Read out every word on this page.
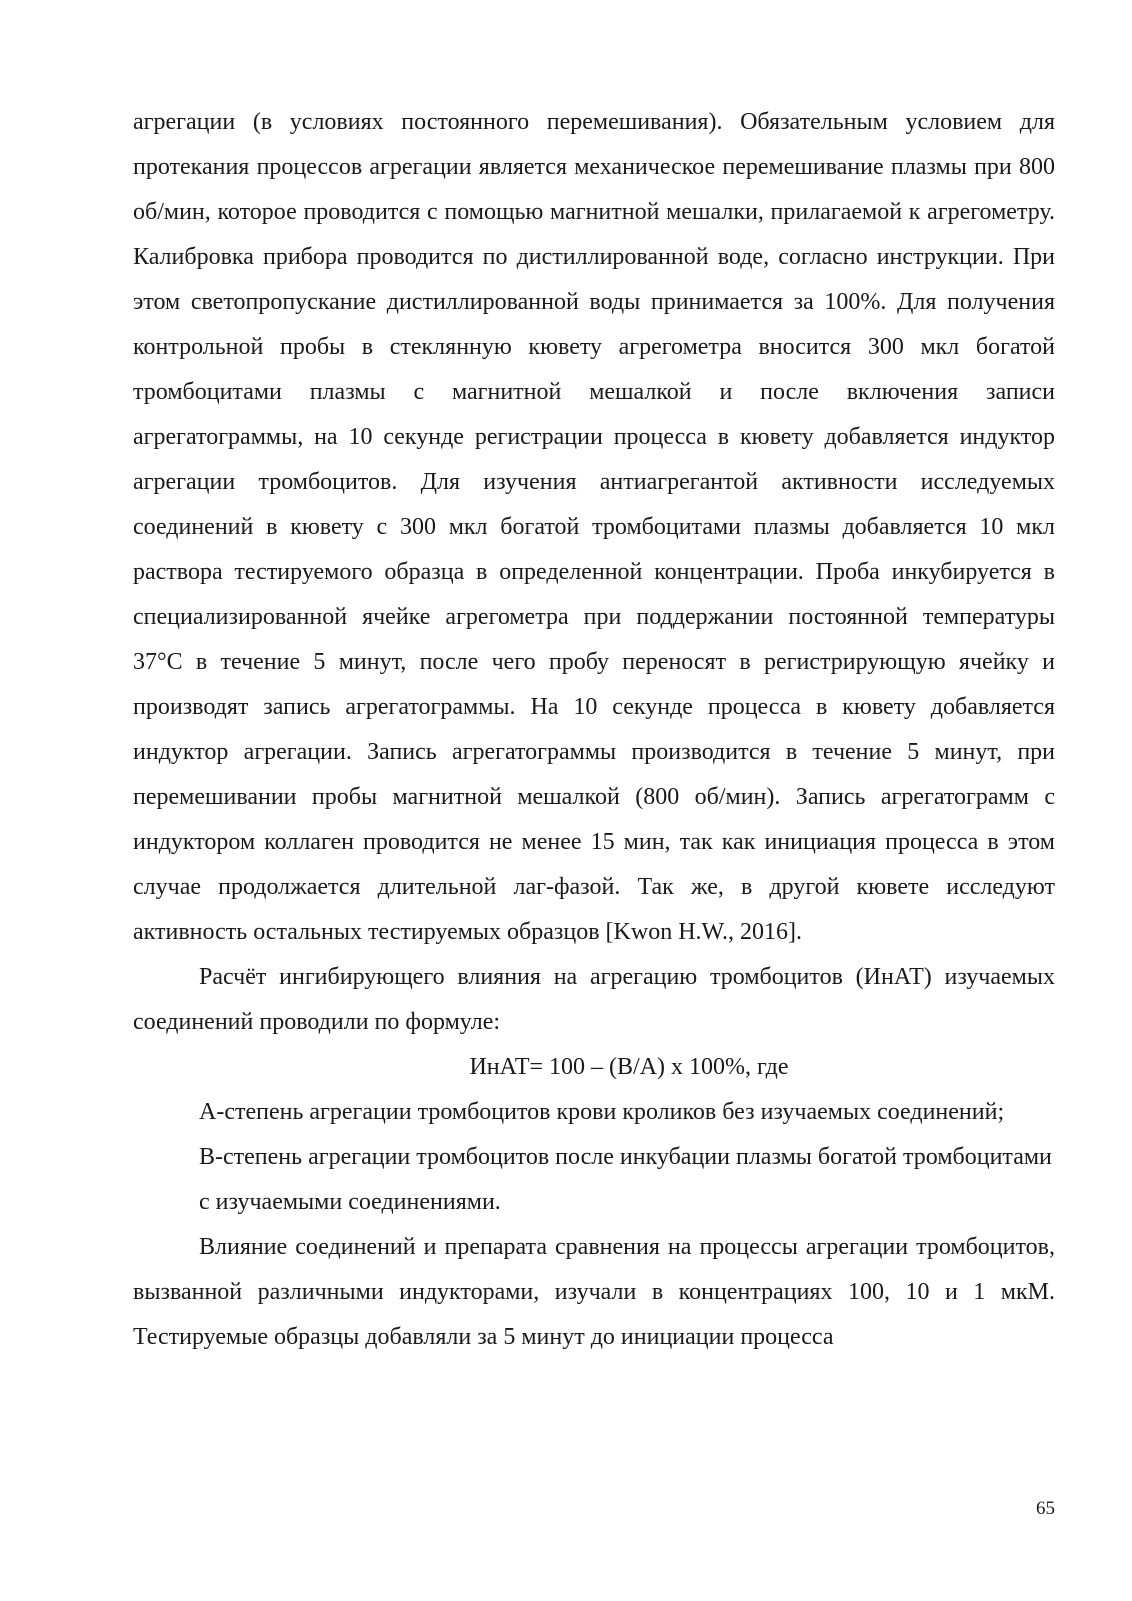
агрегации (в условиях постоянного перемешивания). Обязательным условием для протекания процессов агрегации является механическое перемешивание плазмы при 800 об/мин, которое проводится с помощью магнитной мешалки, прилагаемой к агрегометру. Калибровка прибора проводится по дистиллированной воде, согласно инструкции. При этом светопропускание дистиллированной воды принимается за 100%. Для получения контрольной пробы в стеклянную кювету агрегометра вносится 300 мкл богатой тромбоцитами плазмы с магнитной мешалкой и после включения записи агрегатограммы, на 10 секунде регистрации процесса в кювету добавляется индуктор агрегации тромбоцитов. Для изучения антиагрегантой активности исследуемых соединений в кювету с 300 мкл богатой тромбоцитами плазмы добавляется 10 мкл раствора тестируемого образца в определенной концентрации. Проба инкубируется в специализированной ячейке агрегометра при поддержании постоянной температуры 37°С в течение 5 минут, после чего пробу переносят в регистрирующую ячейку и производят запись агрегатограммы. На 10 секунде процесса в кювету добавляется индуктор агрегации. Запись агрегатограммы производится в течение 5 минут, при перемешивании пробы магнитной мешалкой (800 об/мин). Запись агрегатограмм с индуктором коллаген проводится не менее 15 мин, так как инициация процесса в этом случае продолжается длительной лаг-фазой. Так же, в другой кювете исследуют активность остальных тестируемых образцов [Kwon H.W., 2016].

Расчёт ингибирующего влияния на агрегацию тромбоцитов (ИнАТ) изучаемых соединений проводили по формуле:

ИнАТ= 100 – (В/А) х 100%, где

А-степень агрегации тромбоцитов крови кроликов без изучаемых соединений;

В-степень агрегации тромбоцитов после инкубации плазмы богатой тромбоцитами с изучаемыми соединениями.

Влияние соединений и препарата сравнения на процессы агрегации тромбоцитов, вызванной различными индукторами, изучали в концентрациях 100, 10 и 1 мкМ. Тестируемые образцы добавляли за 5 минут до инициации процесса

65
